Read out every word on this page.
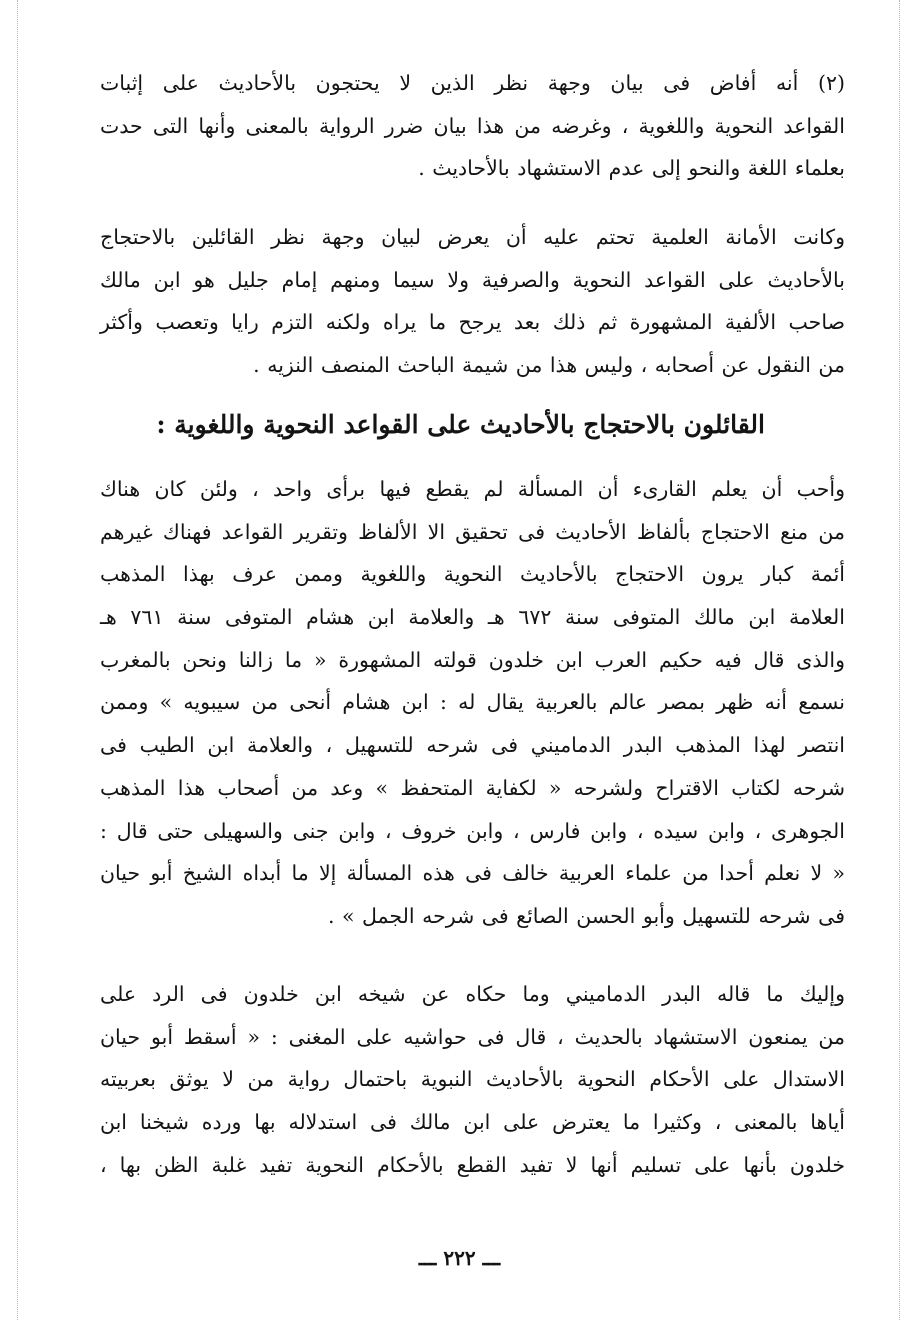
(٢) أنه أفاض فى بيان وجهة نظر الذين لا يحتجون بالأحاديث على إثبات
القواعد النحوية واللغوية ، وغرضه من هذا بيان ضرر الرواية بالمعنى وأنها التى حدت
بعلماء اللغة والنحو إلى عدم الاستشهاد بالأحاديث .
وكانت الأمانة العلمية تحتم عليه أن يعرض لبيان وجهة نظر القائلين بالاحتجاج
بالأحاديث على القواعد النحوية والصرفية ولا سيما ومنهم إمام جليل هو ابن مالك
صاحب الألفية المشهورة ثم ذلك بعد يرجح ما يراه ولكنه التزم رايا وتعصب وأكثر
من النقول عن أصحابه ، وليس هذا من شيمة الباحث المنصف النزيه .
القائلون بالاحتجاج بالأحاديث على القواعد النحوية واللغوية :
وأحب أن يعلم القارىء أن المسألة لم يقطع فيها برأى واحد ، ولئن كان هناك
من منع الاحتجاج بألفاظ الأحاديث فى تحقيق الا الألفاظ وتقرير القواعد فهناك غيرهم
أئمة كبار يرون الاحتجاج بالأحاديث النحوية واللغوية وممن عرف بهذا المذهب
العلامة ابن مالك المتوفى سنة ٦٧٢ هـ والعلامة ابن هشام المتوفى سنة ٧٦١ هـ
والذى قال فيه حكيم العرب ابن خلدون قولته المشهورة « ما زالنا ونحن بالمغرب
نسمع أنه ظهر بمصر عالم بالعربية يقال له : ابن هشام أنحى من سيبويه » وممن
انتصر لهذا المذهب البدر الدماميني فى شرحه للتسهيل ، والعلامة ابن الطيب فى
شرحه لكتاب الاقتراح ولشرحه « لكفاية المتحفظ » وعد من أصحاب هذا المذهب
الجوهرى ، وابن سيده ، وابن فارس ، وابن خروف ، وابن جنى والسهيلى حتى قال :
« لا نعلم أحدا من علماء العربية خالف فى هذه المسألة إلا ما أبداه الشيخ أبو حيان
فى شرحه للتسهيل وأبو الحسن الصائع فى شرحه الجمل » .
وإليك ما قاله البدر الدماميني وما حكاه عن شيخه ابن خلدون فى الرد على
من يمنعون الاستشهاد بالحديث ، قال فى حواشيه على المغنى : « أسقط أبو حيان
الاستدال على الأحكام النحوية بالأحاديث النبوية باحتمال رواية من لا يوثق بعربيته
أياها بالمعنى ، وكثيرا ما يعترض على ابن مالك فى استدلاله بها ورده شيخنا ابن
خلدون بأنها على تسليم أنها لا تفيد القطع بالأحكام النحوية تفيد غلبة الظن بها ،
ـــ ٢٢٢ ـــ
